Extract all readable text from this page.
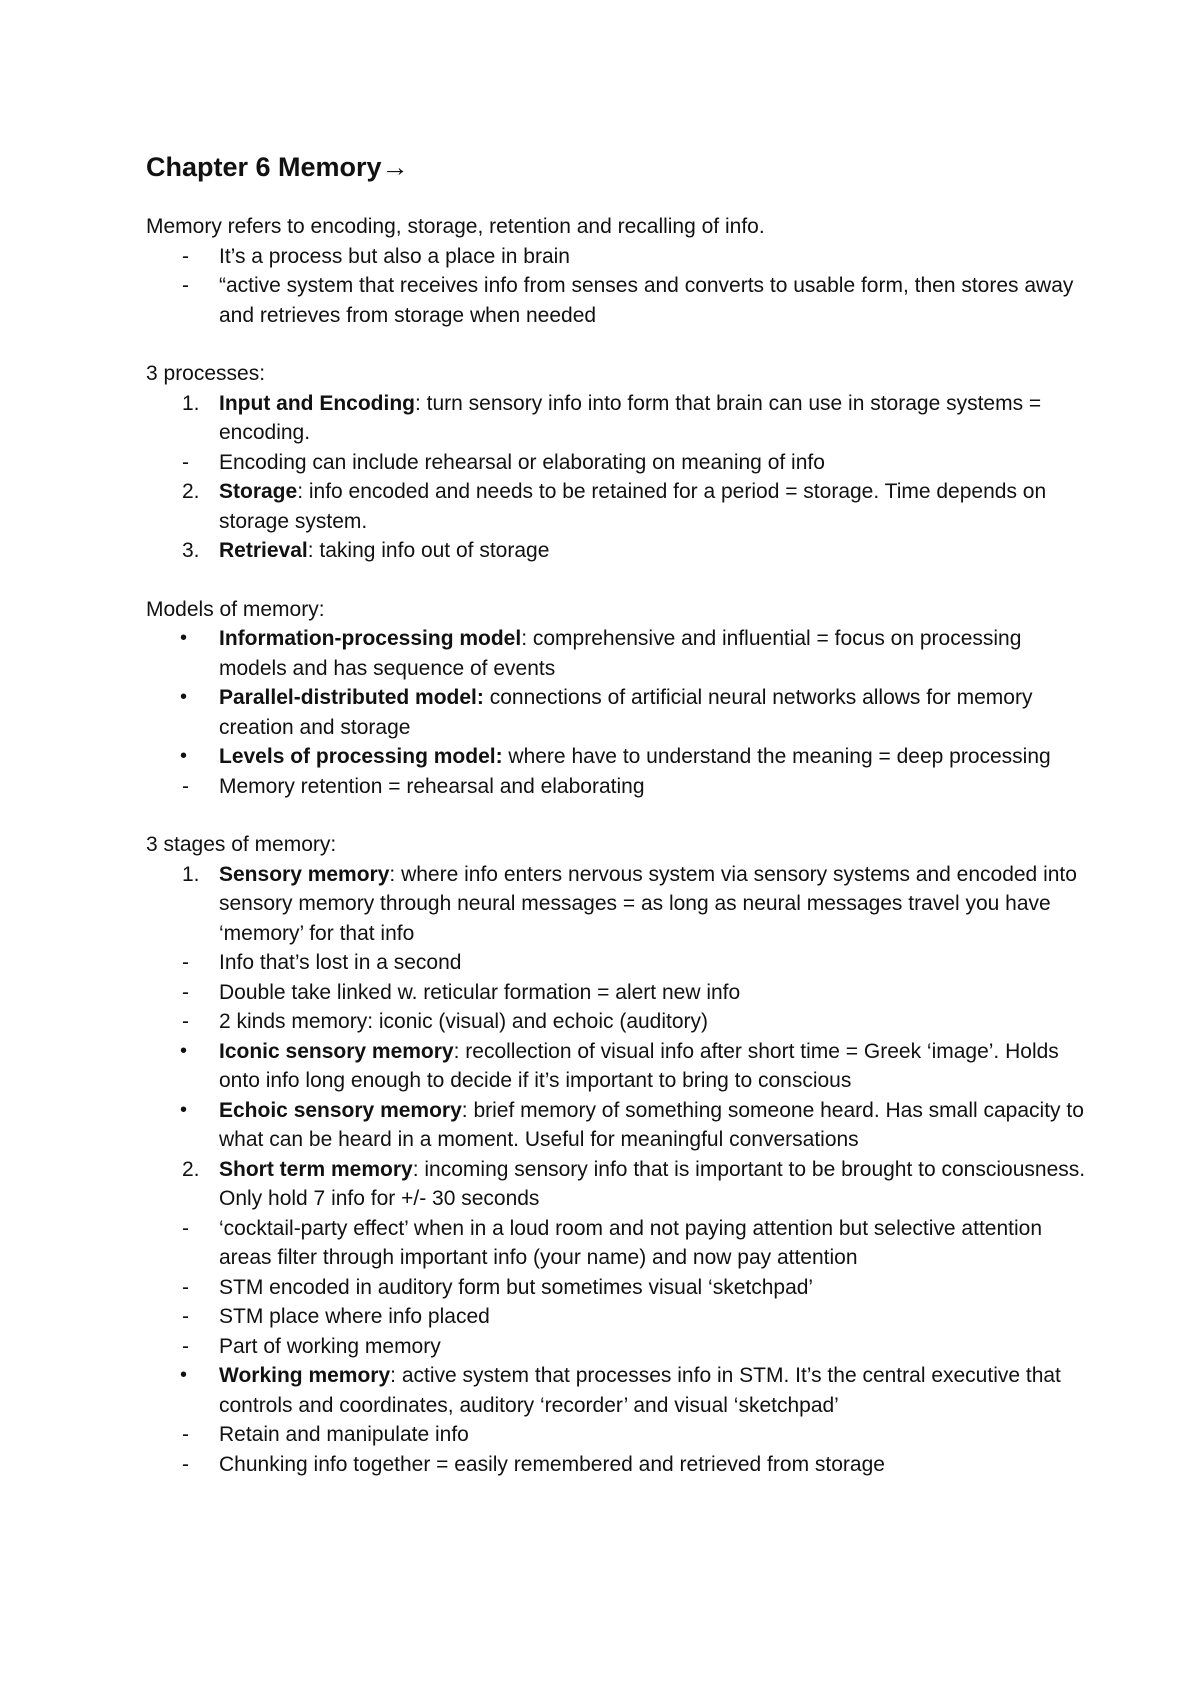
Chapter 6 Memory→

Memory refers to encoding, storage, retention and recalling of info.

-	It’s a process but also a place in brain
-	“active system that receives info from senses and converts to usable form, then stores away and retrieves from storage when needed

3 processes:

1. Input and Encoding: turn sensory info into form that brain can use in storage systems = encoding.
-	Encoding can include rehearsal or elaborating on meaning of info
2. Storage: info encoded and needs to be retained for a period = storage. Time depends on storage system.
3. Retrieval: taking info out of storage

Models of memory:

•	Information-processing model: comprehensive and influential = focus on processing models and has sequence of events
•	Parallel-distributed model: connections of artificial neural networks allows for memory creation and storage
•	Levels of processing model: where have to understand the meaning = deep processing
-	Memory retention = rehearsal and elaborating

3 stages of memory:

1. Sensory memory: where info enters nervous system via sensory systems and encoded into sensory memory through neural messages = as long as neural messages travel you have ‘memory’ for that info
-	Info that’s lost in a second
-	Double take linked w. reticular formation = alert new info
-	2 kinds memory: iconic (visual) and echoic (auditory)
•	Iconic sensory memory: recollection of visual info after short time = Greek ‘image’. Holds onto info long enough to decide if it’s important to bring to conscious
•	Echoic sensory memory: brief memory of something someone heard. Has small capacity to what can be heard in a moment. Useful for meaningful conversations
2. Short term memory: incoming sensory info that is important to be brought to consciousness. Only hold 7 info for +/- 30 seconds
-	‘cocktail-party effect’ when in a loud room and not paying attention but selective attention areas filter through important info (your name) and now pay attention
-	STM encoded in auditory form but sometimes visual ‘sketchpad’
-	STM place where info placed
-	Part of working memory
•	Working memory: active system that processes info in STM. It’s the central executive that controls and coordinates, auditory ‘recorder’ and visual ‘sketchpad’
-	Retain and manipulate info
-	Chunking info together = easily remembered and retrieved from storage
